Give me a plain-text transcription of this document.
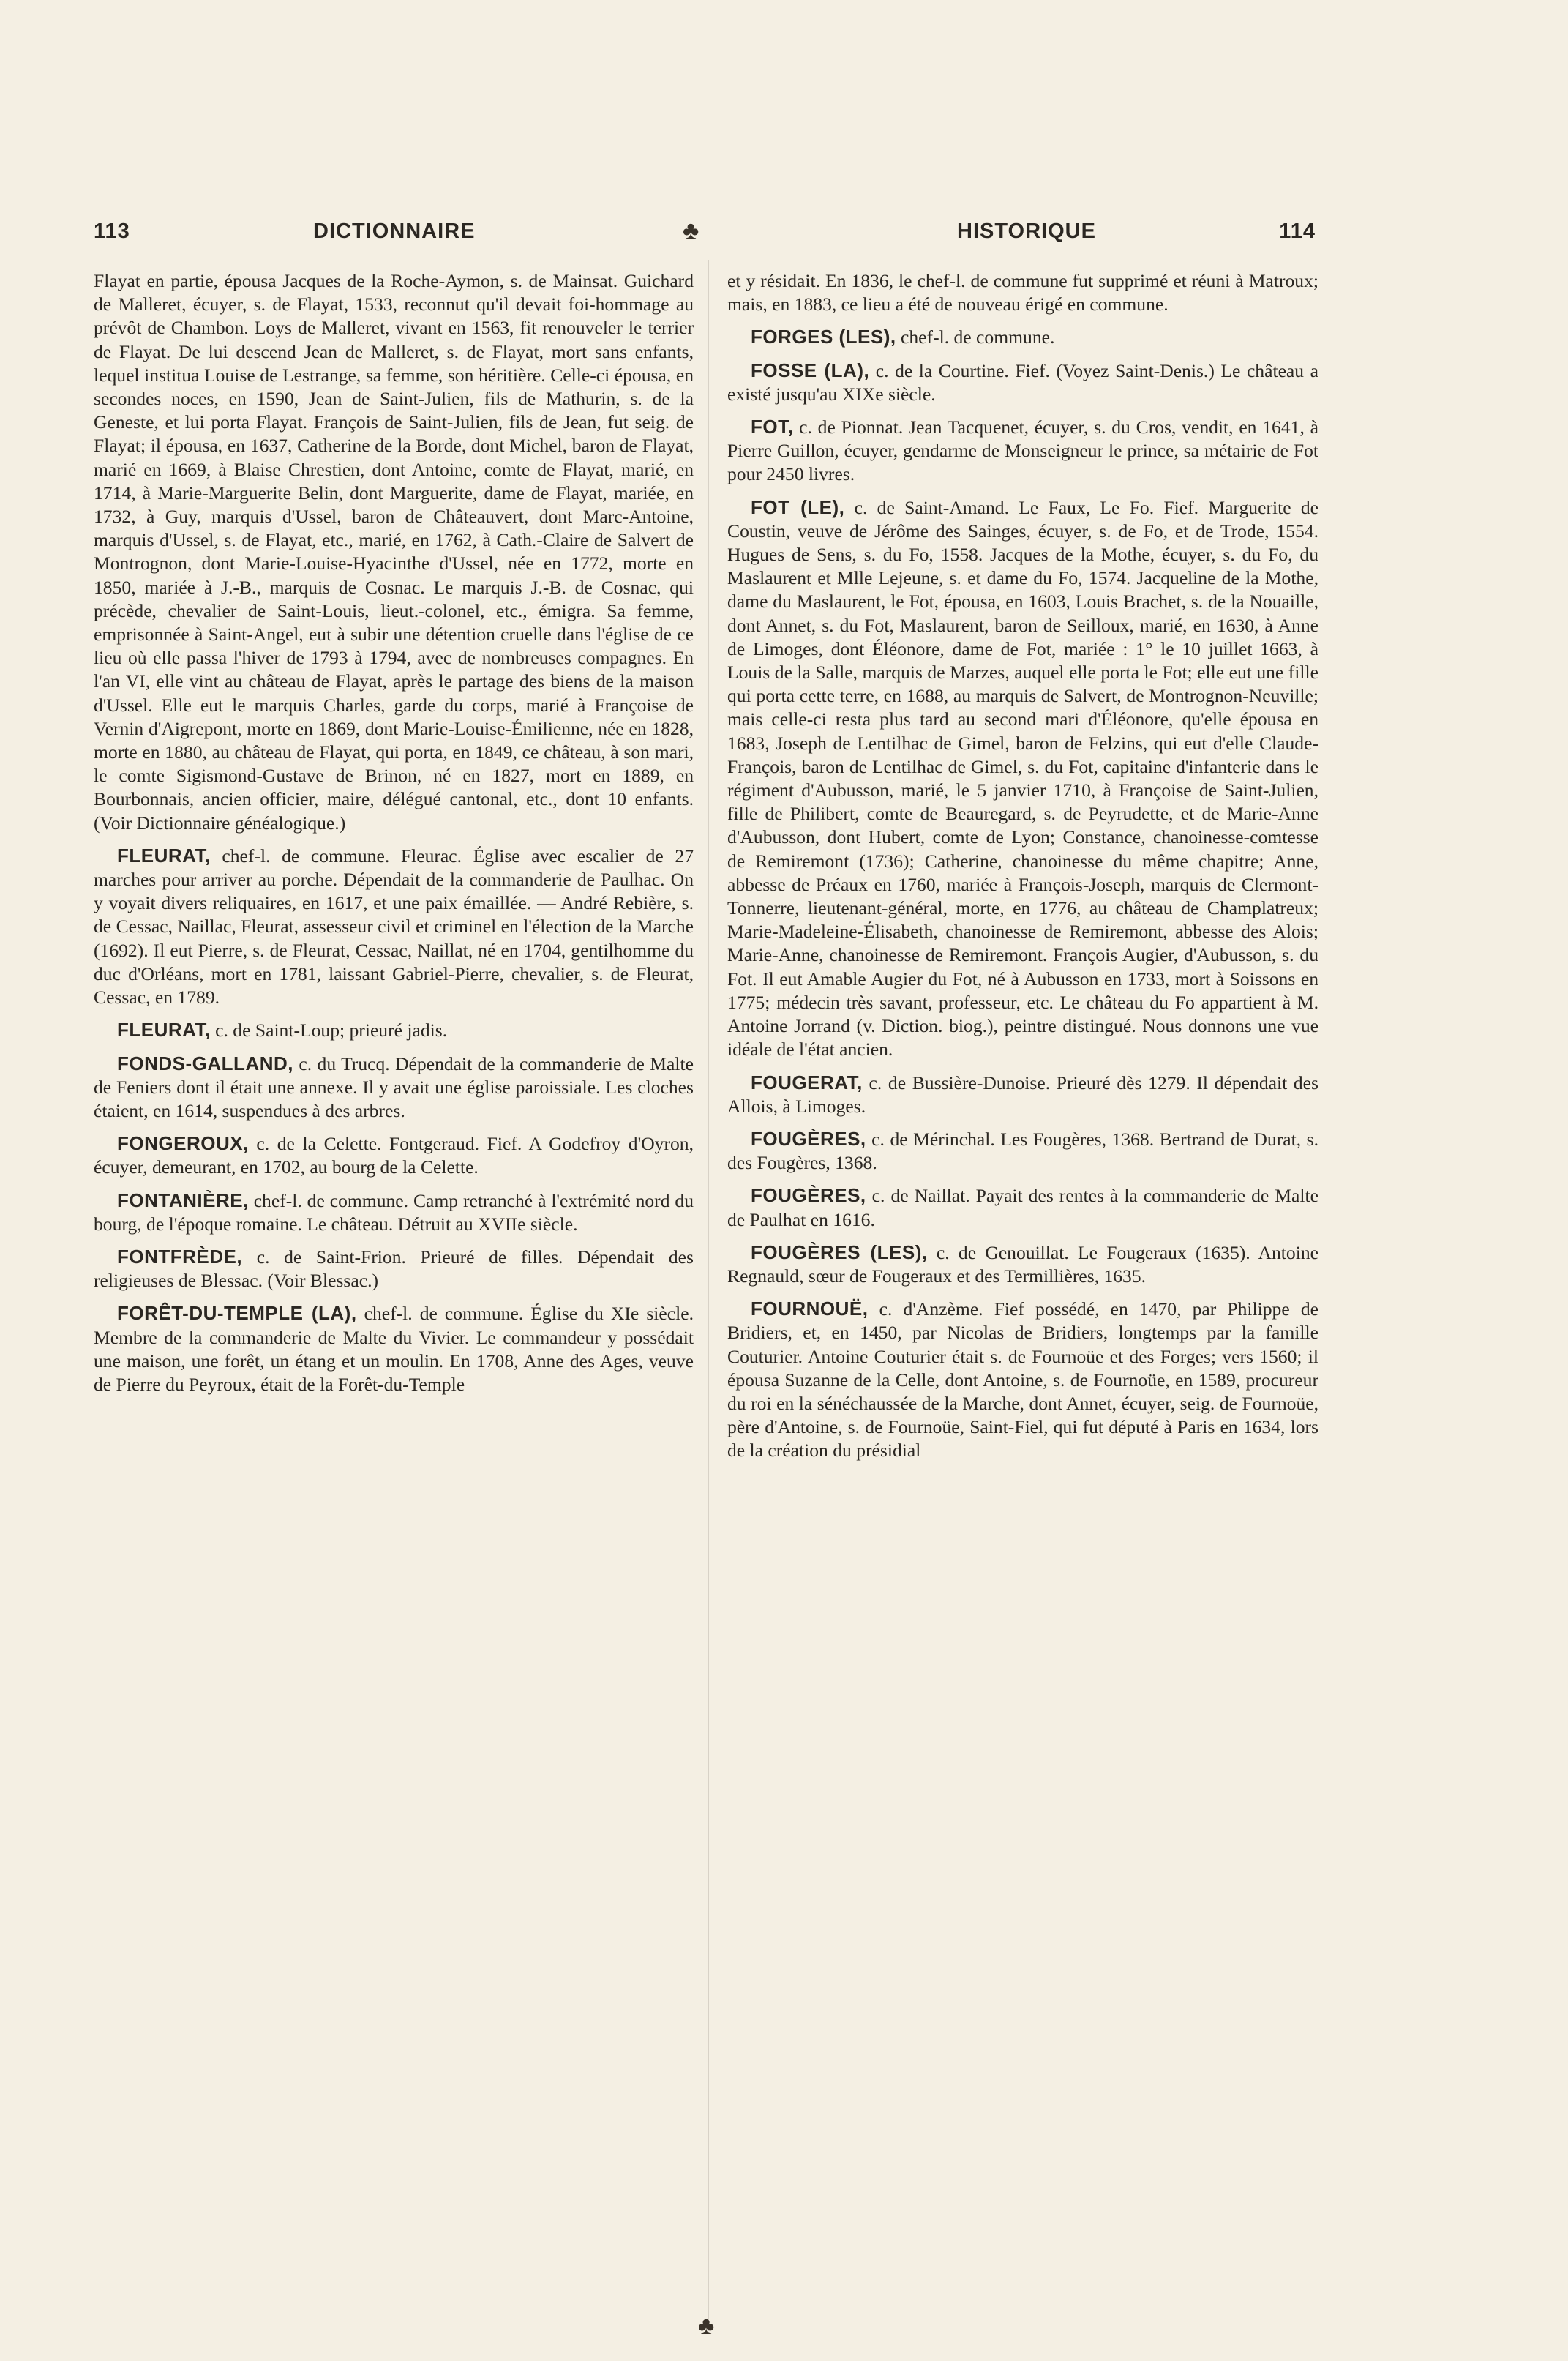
113	DICTIONNAIRE	♣	HISTORIQUE	114

Flayat en partie, épousa Jacques de la Roche-Aymon, s. de Mainsat. Guichard de Malleret, écuyer, s. de Flayat, 1533, reconnut qu'il devait foi-hommage au prévôt de Chambon. Loys de Malleret, vivant en 1563, fit renouveler le terrier de Flayat. De lui descend Jean de Malleret, s. de Flayat, mort sans enfants, lequel institua Louise de Lestrange, sa femme, son héritière. Celle-ci épousa, en secondes noces, en 1590, Jean de Saint-Julien, fils de Mathurin, s. de la Geneste, et lui porta Flayat. François de Saint-Julien, fils de Jean, fut seig. de Flayat; il épousa, en 1637, Catherine de la Borde, dont Michel, baron de Flayat, marié en 1669, à Blaise Chrestien, dont Antoine, comte de Flayat, marié, en 1714, à Marie-Marguerite Belin, dont Marguerite, dame de Flayat, mariée, en 1732, à Guy, marquis d'Ussel, baron de Châteauvert, dont Marc-Antoine, marquis d'Ussel, s. de Flayat, etc., marié, en 1762, à Cath.-Claire de Salvert de Montrognon, dont Marie-Louise-Hyacinthe d'Ussel, née en 1772, morte en 1850, mariée à J.-B., marquis de Cosnac. Le marquis J.-B. de Cosnac, qui précède, chevalier de Saint-Louis, lieut.-colonel, etc., émigra. Sa femme, emprisonnée à Saint-Angel, eut à subir une détention cruelle dans l'église de ce lieu où elle passa l'hiver de 1793 à 1794, avec de nombreuses compagnes. En l'an VI, elle vint au château de Flayat, après le partage des biens de la maison d'Ussel. Elle eut le marquis Charles, garde du corps, marié à Françoise de Vernin d'Aigrepont, morte en 1869, dont Marie-Louise-Émilienne, née en 1828, morte en 1880, au château de Flayat, qui porta, en 1849, ce château, à son mari, le comte Sigismond-Gustave de Brinon, né en 1827, mort en 1889, en Bourbonnais, ancien officier, maire, délégué cantonal, etc., dont 10 enfants. (Voir Dictionnaire généalogique.)

FLEURAT, chef-l. de commune. Fleurac. Église avec escalier de 27 marches pour arriver au porche. Dépendait de la commanderie de Paulhac. On y voyait divers reliquaires, en 1617, et une paix émaillée. — André Rebière, s. de Cessac, Naillac, Fleurat, assesseur civil et criminel en l'élection de la Marche (1692). Il eut Pierre, s. de Fleurat, Cessac, Naillat, né en 1704, gentilhomme du duc d'Orléans, mort en 1781, laissant Gabriel-Pierre, chevalier, s. de Fleurat, Cessac, en 1789.

FLEURAT, c. de Saint-Loup; prieuré jadis.

FONDS-GALLAND, c. du Trucq. Dépendait de la commanderie de Malte de Feniers dont il était une annexe. Il y avait une église paroissiale. Les cloches étaient, en 1614, suspendues à des arbres.

FONGEROUX, c. de la Celette. Fontgeraud. Fief. A Godefroy d'Oyron, écuyer, demeurant, en 1702, au bourg de la Celette.

FONTANIÈRE, chef-l. de commune. Camp retranché à l'extrémité nord du bourg, de l'époque romaine. Le château. Détruit au XVIIe siècle.

FONTFRÈDE, c. de Saint-Frion. Prieuré de filles. Dépendait des religieuses de Blessac. (Voir Blessac.)

FORÊT-DU-TEMPLE (LA), chef-l. de commune. Église du XIe siècle. Membre de la commanderie de Malte du Vivier. Le commandeur y possédait une maison, une forêt, un étang et un moulin. En 1708, Anne des Ages, veuve de Pierre du Peyroux, était de la Forêt-du-Temple

et y résidait. En 1836, le chef-l. de commune fut supprimé et réuni à Matroux; mais, en 1883, ce lieu a été de nouveau érigé en commune.

FORGES (LES), chef-l. de commune.

FOSSE (LA), c. de la Courtine. Fief. (Voyez Saint-Denis.) Le château a existé jusqu'au XIXe siècle.

FOT, c. de Pionnat. Jean Tacquenet, écuyer, s. du Cros, vendit, en 1641, à Pierre Guillon, écuyer, gendarme de Monseigneur le prince, sa métairie de Fot pour 2450 livres.

FOT (LE), c. de Saint-Amand. Le Faux, Le Fo. Fief. Marguerite de Coustin, veuve de Jérôme des Sainges, écuyer, s. de Fo, et de Trode, 1554. Hugues de Sens, s. du Fo, 1558. Jacques de la Mothe, écuyer, s. du Fo, du Maslaurent et Mlle Lejeune, s. et dame du Fo, 1574. Jacqueline de la Mothe, dame du Maslaurent, le Fot, épousa, en 1603, Louis Brachet, s. de la Nouaille, dont Annet, s. du Fot, Maslaurent, baron de Seilloux, marié, en 1630, à Anne de Limoges, dont Éléonore, dame de Fot, mariée : 1° le 10 juillet 1663, à Louis de la Salle, marquis de Marzes, auquel elle porta le Fot; elle eut une fille qui porta cette terre, en 1688, au marquis de Salvert, de Montrognon-Neuville; mais celle-ci resta plus tard au second mari d'Éléonore, qu'elle épousa en 1683, Joseph de Lentilhac de Gimel, baron de Felzins, qui eut d'elle Claude-François, baron de Lentilhac de Gimel, s. du Fot, capitaine d'infanterie dans le régiment d'Aubusson, marié, le 5 janvier 1710, à Françoise de Saint-Julien, fille de Philibert, comte de Beauregard, s. de Peyrudette, et de Marie-Anne d'Aubusson, dont Hubert, comte de Lyon; Constance, chanoinesse-comtesse de Remiremont (1736); Catherine, chanoinesse du même chapitre; Anne, abbesse de Préaux en 1760, mariée à François-Joseph, marquis de Clermont-Tonnerre, lieutenant-général, morte, en 1776, au château de Champlatreux; Marie-Madeleine-Élisabeth, chanoinesse de Remiremont, abbesse des Alois; Marie-Anne, chanoinesse de Remiremont. François Augier, d'Aubusson, s. du Fot. Il eut Amable Augier du Fot, né à Aubusson en 1733, mort à Soissons en 1775; médecin très savant, professeur, etc. Le château du Fo appartient à M. Antoine Jorrand (v. Diction. biog.), peintre distingué. Nous donnons une vue idéale de l'état ancien.

FOUGERAT, c. de Bussière-Dunoise. Prieuré dès 1279. Il dépendait des Allois, à Limoges.

FOUGÈRES, c. de Mérinchal. Les Fougères, 1368. Bertrand de Durat, s. des Fougères, 1368.

FOUGÈRES, c. de Naillat. Payait des rentes à la commanderie de Malte de Paulhat en 1616.

FOUGÈRES (LES), c. de Genouillat. Le Fougeraux (1635). Antoine Regnauld, sœur de Fougeraux et des Termillières, 1635.

FOURNOUË, c. d'Anzème. Fief possédé, en 1470, par Philippe de Bridiers, et, en 1450, par Nicolas de Bridiers, longtemps par la famille Couturier. Antoine Couturier était s. de Fournoüe et des Forges; vers 1560; il épousa Suzanne de la Celle, dont Antoine, s. de Fournoüe, en 1589, procureur du roi en la sénéchaussée de la Marche, dont Annet, écuyer, seig. de Fournoüe, père d'Antoine, s. de Fournoüe, Saint-Fiel, qui fut député à Paris en 1634, lors de la création du présidial

♣
